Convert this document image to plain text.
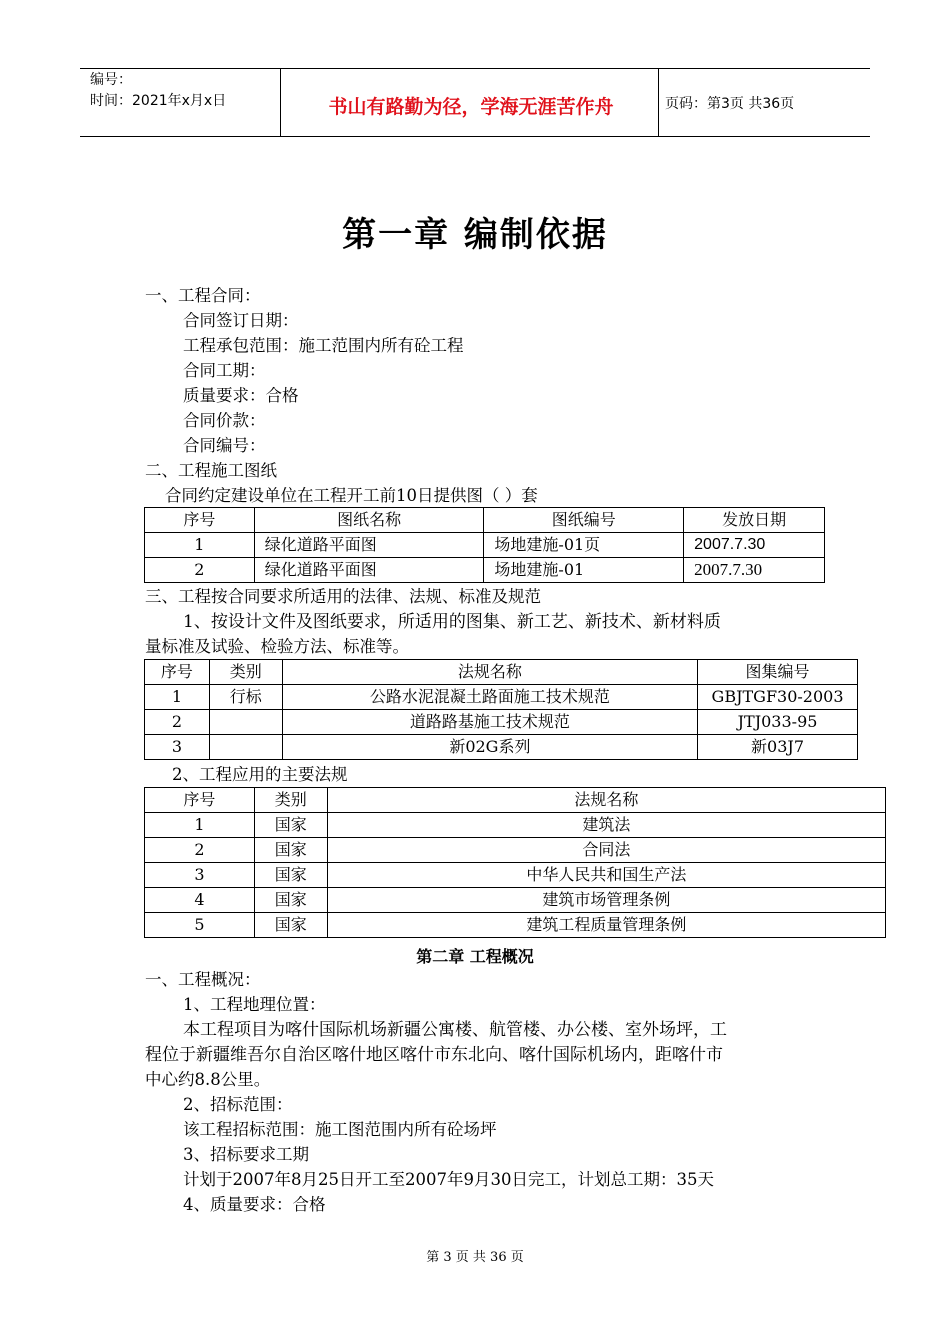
编号：
时间：2021年x月x日	书山有路勤为径，学海无涯苦作舟	页码：第3页 共36页
第一章 编制依据
一、工程合同：
合同签订日期：
工程承包范围：施工范围内所有砼工程
合同工期：
质量要求：合格
合同价款：
合同编号：
二、工程施工图纸
合同约定建设单位在工程开工前10日提供图（ ）套
序号	图纸名称	图纸编号	发放日期
1	绿化道路平面图	场地建施-01页	2007.7.30
2	绿化道路平面图	场地建施-01	2007.7.30
三、工程按合同要求所适用的法律、法规、标准及规范
1、按设计文件及图纸要求，所适用的图集、新工艺、新技术、新材料质
量标准及试验、检验方法、标准等。
序号	类别	法规名称	图集编号
1	行标	公路水泥混凝土路面施工技术规范	GBJTGF30-2003
2		道路路基施工技术规范	JTJ033-95
3		新02G系列	新03J7
2、工程应用的主要法规
序号	类别	法规名称
1	国家	建筑法
2	国家	合同法
3	国家	中华人民共和国生产法
4	国家	建筑市场管理条例
5	国家	建筑工程质量管理条例
第二章 工程概况
一、工程概况：
1、工程地理位置：
本工程项目为喀什国际机场新疆公寓楼、航管楼、办公楼、室外场坪，工
程位于新疆维吾尔自治区喀什地区喀什市东北向、喀什国际机场内，距喀什市
中心约8.8公里。
2、招标范围：
该工程招标范围：施工图范围内所有砼场坪
3、招标要求工期
计划于2007年8月25日开工至2007年9月30日完工，计划总工期：35天
4、质量要求：合格
第 3 页 共 36 页
